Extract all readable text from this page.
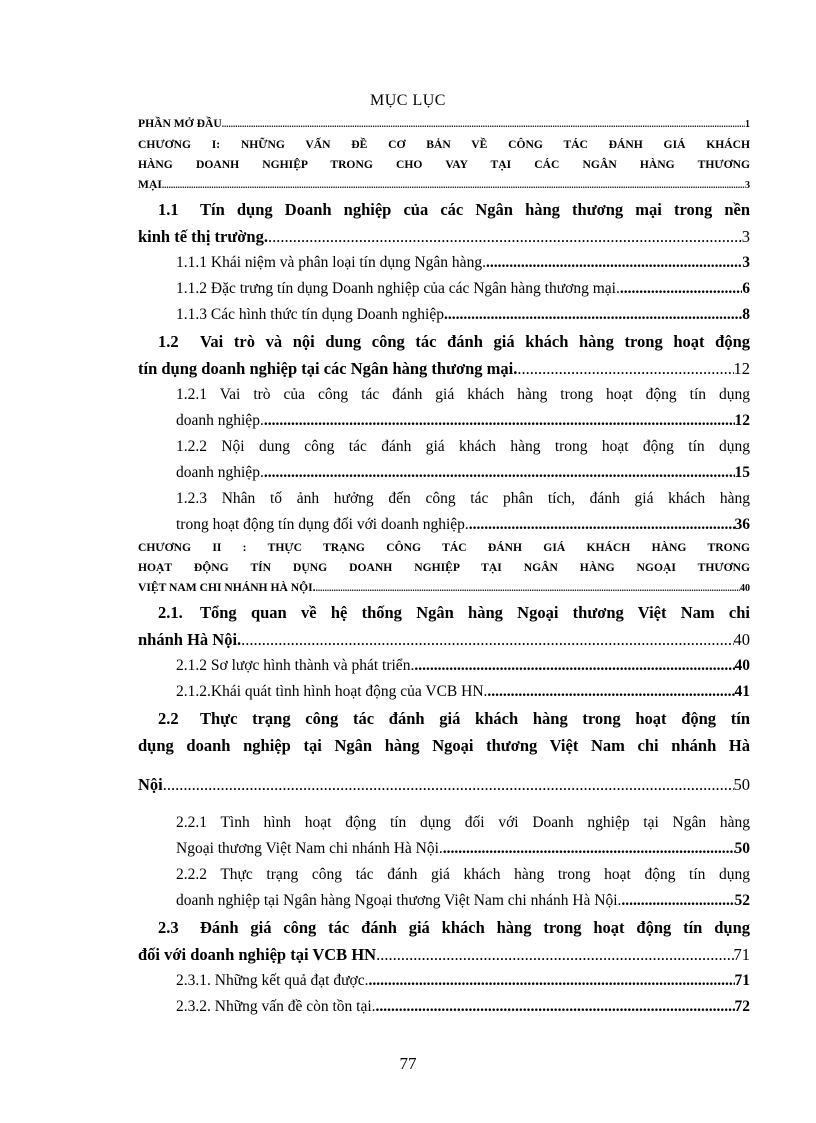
MỤC LỤC
PHẦN MỞ ĐẦU .....	1
CHƯƠNG I: NHỮNG VẤN ĐỀ CƠ BẢN VỀ CÔNG TÁC ĐÁNH GIÁ KHÁCH
HÀNG DOANH NGHIỆP TRONG CHO VAY TẠI CÁC NGÂN HÀNG THƯƠNG
MẠI .....	3
1.1 Tín dụng Doanh nghiệp của các Ngân hàng thương mại trong nền
kinh tế thị trường. .....	3
1.1.1 Khái niệm và phân loại tín dụng Ngân hàng. .....	3
1.1.2 Đặc trưng tín dụng Doanh nghiệp của các Ngân hàng thương mại. .....	6
1.1.3 Các hình thức tín dụng Doanh nghiệp .....	8
1.2 Vai trò và nội dung công tác đánh giá khách hàng trong hoạt động
tín dụng doanh nghiệp tại các Ngân hàng thương mại. .....	12
1.2.1 Vai trò của công tác đánh giá khách hàng trong hoạt động tín dụng
doanh nghiệp. .....	12
1.2.2 Nội dung công tác đánh giá khách hàng trong hoạt động tín dụng
doanh nghiệp. .....	15
1.2.3 Nhân tố ảnh hưởng đến công tác phân tích, đánh giá khách hàng
trong hoạt động tín dụng đối với doanh nghiệp. .....	36
CHƯƠNG II : THỰC TRẠNG CÔNG TÁC ĐÁNH GIÁ KHÁCH HÀNG TRONG
HOẠT ĐỘNG TÍN DỤNG DOANH NGHIỆP TẠI NGÂN HÀNG NGOẠI THƯƠNG
VIỆT NAM CHI NHÁNH HÀ NỘI. .....	40
2.1. Tổng quan về hệ thống Ngân hàng Ngoại thương Việt Nam chi
nhánh Hà Nội. .....	40
2.1.2 Sơ lược hình thành và phát triển. .....	40
2.1.2.Khái quát tình hình hoạt động của VCB HN. .....	41
2.2 Thực trạng công tác đánh giá khách hàng trong hoạt động tín
dụng doanh nghiệp tại Ngân hàng Ngoại thương Việt Nam chi nhánh Hà
Nội .....	50
2.2.1 Tình hình hoạt động tín dụng đối với Doanh nghiệp tại Ngân hàng
Ngoại thương Việt Nam chi nhánh Hà Nội. .....	50
2.2.2 Thực trạng công tác đánh giá khách hàng trong hoạt động tín dụng
doanh nghiệp tại Ngân hàng Ngoại thương Việt Nam chi nhánh Hà Nội. .....	52
2.3 Đánh giá công tác đánh giá khách hàng trong hoạt động tín dụng
đối với doanh nghiệp tại VCB HN .....	71
2.3.1. Những kết quả đạt được. .....	71
2.3.2. Những vấn đề còn tồn tại. .....	72
77
